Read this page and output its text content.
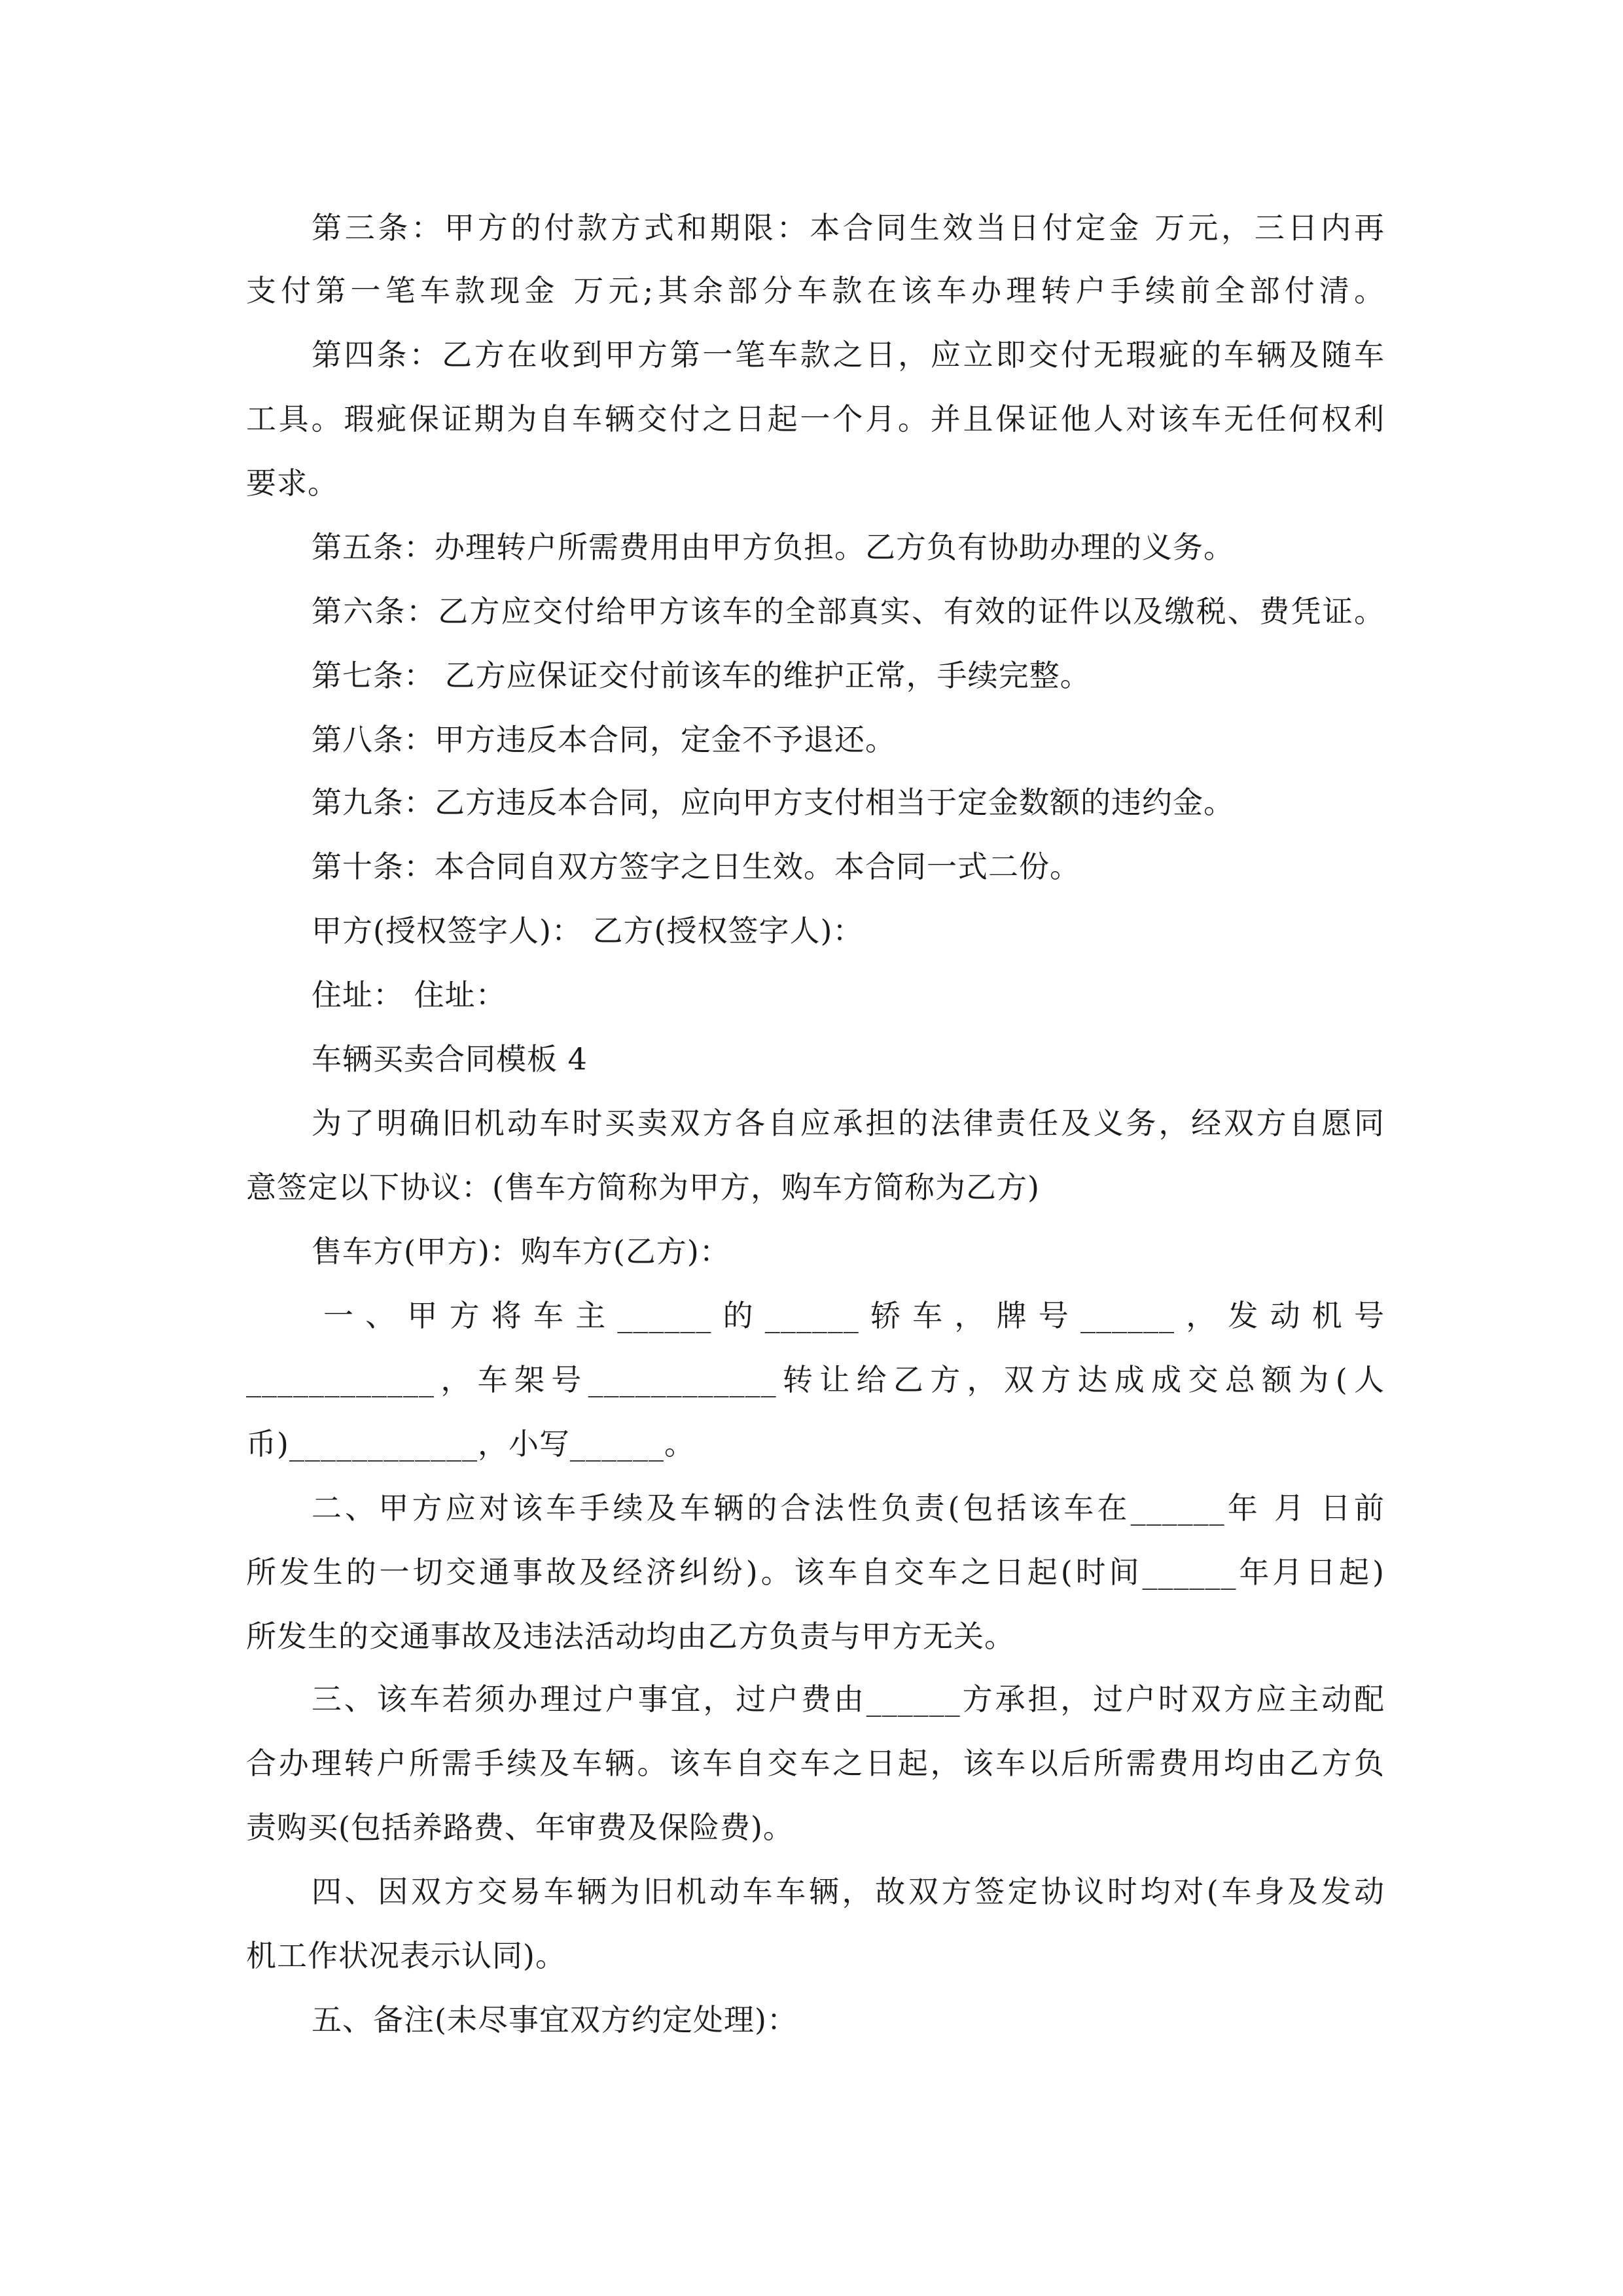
第三条：甲方的付款方式和期限：本合同生效当日付定金 万元，三日内再
支付第一笔车款现金 万元;其余部分车款在该车办理转户手续前全部付清。
第四条：乙方在收到甲方第一笔车款之日，应立即交付无瑕疵的车辆及随车
工具。瑕疵保证期为自车辆交付之日起一个月。并且保证他人对该车无任何权利
要求。
第五条：办理转户所需费用由甲方负担。乙方负有协助办理的义务。
第六条：乙方应交付给甲方该车的全部真实、有效的证件以及缴税、费凭证。
第七条： 乙方应保证交付前该车的维护正常，手续完整。
第八条：甲方违反本合同，定金不予退还。
第九条：乙方违反本合同，应向甲方支付相当于定金数额的违约金。
第十条：本合同自双方签字之日生效。本合同一式二份。
甲方(授权签字人)： 乙方(授权签字人)：
住址： 住址：
车辆买卖合同模板 4
为了明确旧机动车时买卖双方各自应承担的法律责任及义务，经双方自愿同
意签定以下协议：(售车方简称为甲方，购车方简称为乙方)
售车方(甲方)：购车方(乙方)：
一、甲方将车主______的______轿车，牌号______，发动机号
____________，车架号____________转让给乙方，双方达成成交总额为(人
币)____________，小写______。
二、甲方应对该车手续及车辆的合法性负责(包括该车在______年 月 日前
所发生的一切交通事故及经济纠纷)。该车自交车之日起(时间______年月日起)
所发生的交通事故及违法活动均由乙方负责与甲方无关。
三、该车若须办理过户事宜，过户费由______方承担，过户时双方应主动配
合办理转户所需手续及车辆。该车自交车之日起，该车以后所需费用均由乙方负
责购买(包括养路费、年审费及保险费)。
四、因双方交易车辆为旧机动车车辆，故双方签定协议时均对(车身及发动
机工作状况表示认同)。
五、备注(未尽事宜双方约定处理)：
